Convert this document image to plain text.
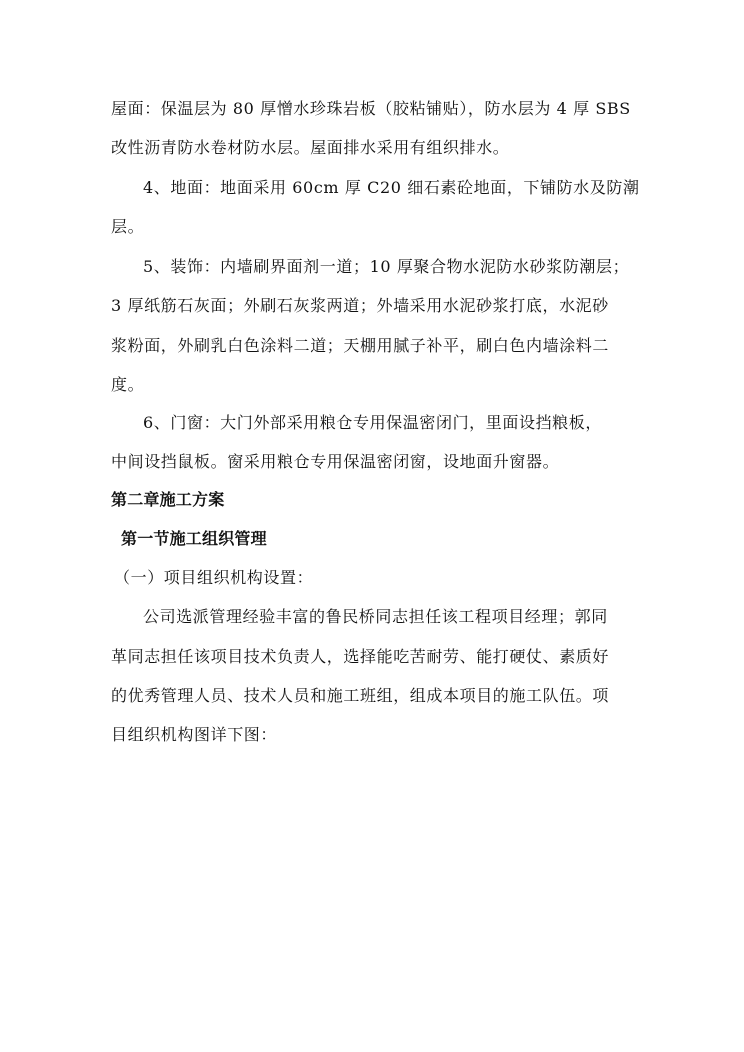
屋面：保温层为 80 厚憎水珍珠岩板（胶粘铺贴），防水层为 4 厚 SBS
改性沥青防水卷材防水层。屋面排水采用有组织排水。
4、地面：地面采用 60cm 厚 C20 细石素砼地面，下铺防水及防潮
层。
5、装饰：内墙刷界面剂一道；10 厚聚合物水泥防水砂浆防潮层；
3 厚纸筋石灰面；外刷石灰浆两道；外墙采用水泥砂浆打底，水泥砂
浆粉面，外刷乳白色涂料二道；天棚用腻子补平，刷白色内墙涂料二
度。
6、门窗：大门外部采用粮仓专用保温密闭门，里面设挡粮板，
中间设挡鼠板。窗采用粮仓专用保温密闭窗，设地面升窗器。
第二章施工方案
第一节施工组织管理
（一）项目组织机构设置：
公司选派管理经验丰富的鲁民桥同志担任该工程项目经理；郭同
革同志担任该项目技术负责人，选择能吃苦耐劳、能打硬仗、素质好
的优秀管理人员、技术人员和施工班组，组成本项目的施工队伍。项
目组织机构图详下图：
